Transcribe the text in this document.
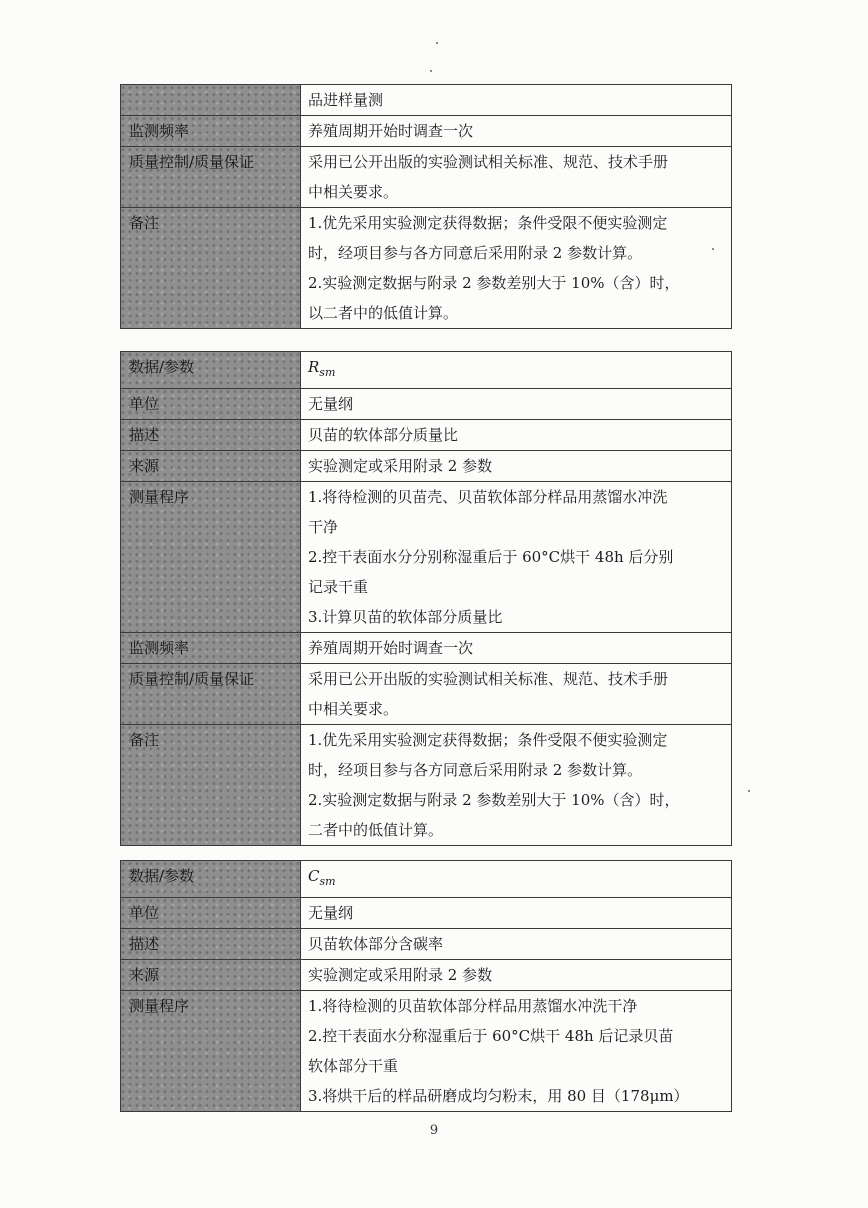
	品进样量测

监测频率	养殖周期开始时调查一次

质量控制/质量保证	采用已公开出版的实验测试相关标准、规范、技术手册
中相关要求。

备注	1.优先采用实验测定获得数据；条件受限不便实验测定
时，经项目参与各方同意后采用附录 2 参数计算。
2.实验测定数据与附录 2 参数差别大于 10%（含）时，
以二者中的低值计算。
数据/参数	$R_{sm}$
单位	无量纲

描述	贝苗的软体部分质量比

来源	实验测定或采用附录 2 参数

测量程序	1.将待检测的贝苗壳、贝苗软体部分样品用蒸馏水冲洗
干净
2.控干表面水分分别称湿重后于 60°C烘干 48h 后分别
记录干重
3.计算贝苗的软体部分质量比

监测频率	养殖周期开始时调查一次

质量控制/质量保证	采用已公开出版的实验测试相关标准、规范、技术手册
中相关要求。

备注	1.优先采用实验测定获得数据；条件受限不便实验测定
时，经项目参与各方同意后采用附录 2 参数计算。
2.实验测定数据与附录 2 参数差别大于 10%（含）时，
二者中的低值计算。
数据/参数	$C_{sm}$
单位	无量纲

描述	贝苗软体部分含碳率

来源	实验测定或采用附录 2 参数

测量程序	1.将待检测的贝苗软体部分样品用蒸馏水冲洗干净
2.控干表面水分称湿重后于 60°C烘干 48h 后记录贝苗
软体部分干重
3.将烘干后的样品研磨成均匀粉末，用 80 目（178μm）
9
